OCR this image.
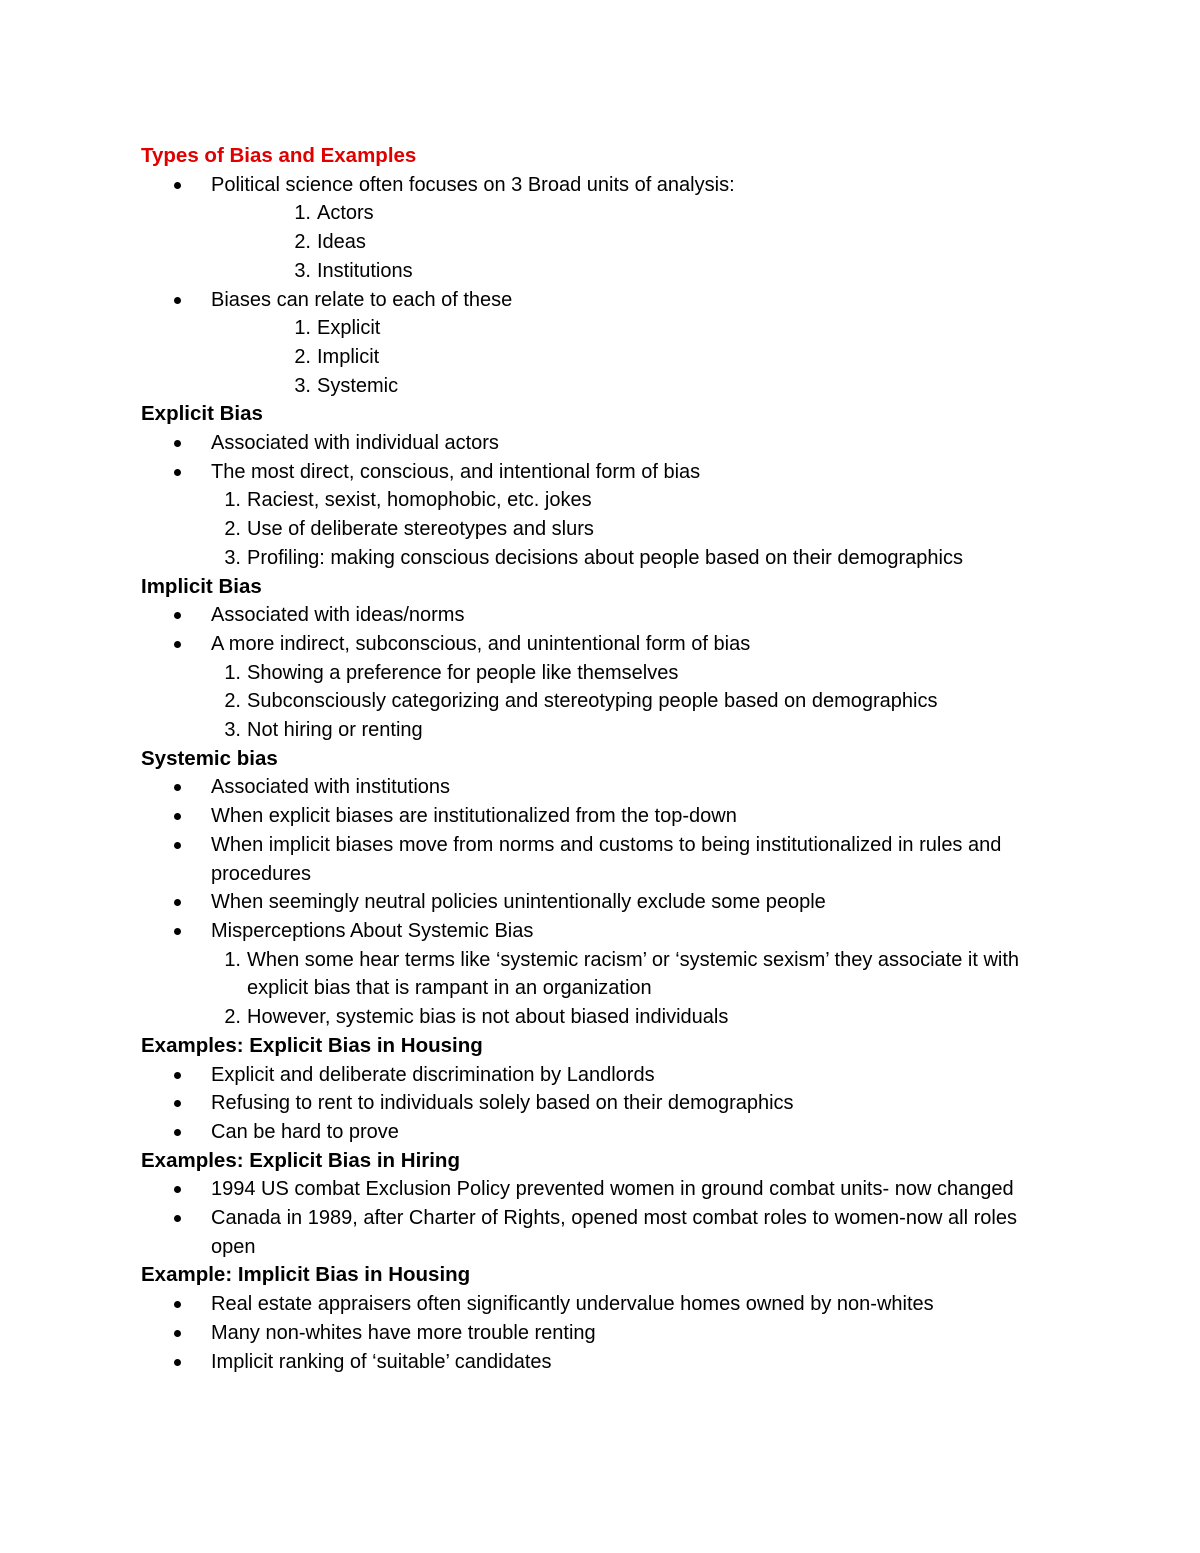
Types of Bias and Examples

Political science often focuses on 3 Broad units of analysis:
1. Actors
2. Ideas
3. Institutions
Biases can relate to each of these
1. Explicit
2. Implicit
3. Systemic

Explicit Bias

Associated with individual actors
The most direct, conscious, and intentional form of bias
1. Raciest, sexist, homophobic, etc. jokes
2. Use of deliberate stereotypes and slurs
3. Profiling: making conscious decisions about people based on their demographics

Implicit Bias

Associated with ideas/norms
A more indirect, subconscious, and unintentional form of bias
1. Showing a preference for people like themselves
2. Subconsciously categorizing and stereotyping people based on demographics
3. Not hiring or renting

Systemic bias

Associated with institutions
When explicit biases are institutionalized from the top-down
When implicit biases move from norms and customs to being institutionalized in rules and procedures
When seemingly neutral policies unintentionally exclude some people
Misperceptions About Systemic Bias
1. When some hear terms like ‘systemic racism’ or ‘systemic sexism’ they associate it with explicit bias that is rampant in an organization
2. However, systemic bias is not about biased individuals

Examples: Explicit Bias in Housing

Explicit and deliberate discrimination by Landlords
Refusing to rent to individuals solely based on their demographics
Can be hard to prove

Examples: Explicit Bias in Hiring

1994 US combat Exclusion Policy prevented women in ground combat units- now changed
Canada in 1989, after Charter of Rights, opened most combat roles to women-now all roles open

Example: Implicit Bias in Housing

Real estate appraisers often significantly undervalue homes owned by non-whites
Many non-whites have more trouble renting
Implicit ranking of ‘suitable’ candidates
